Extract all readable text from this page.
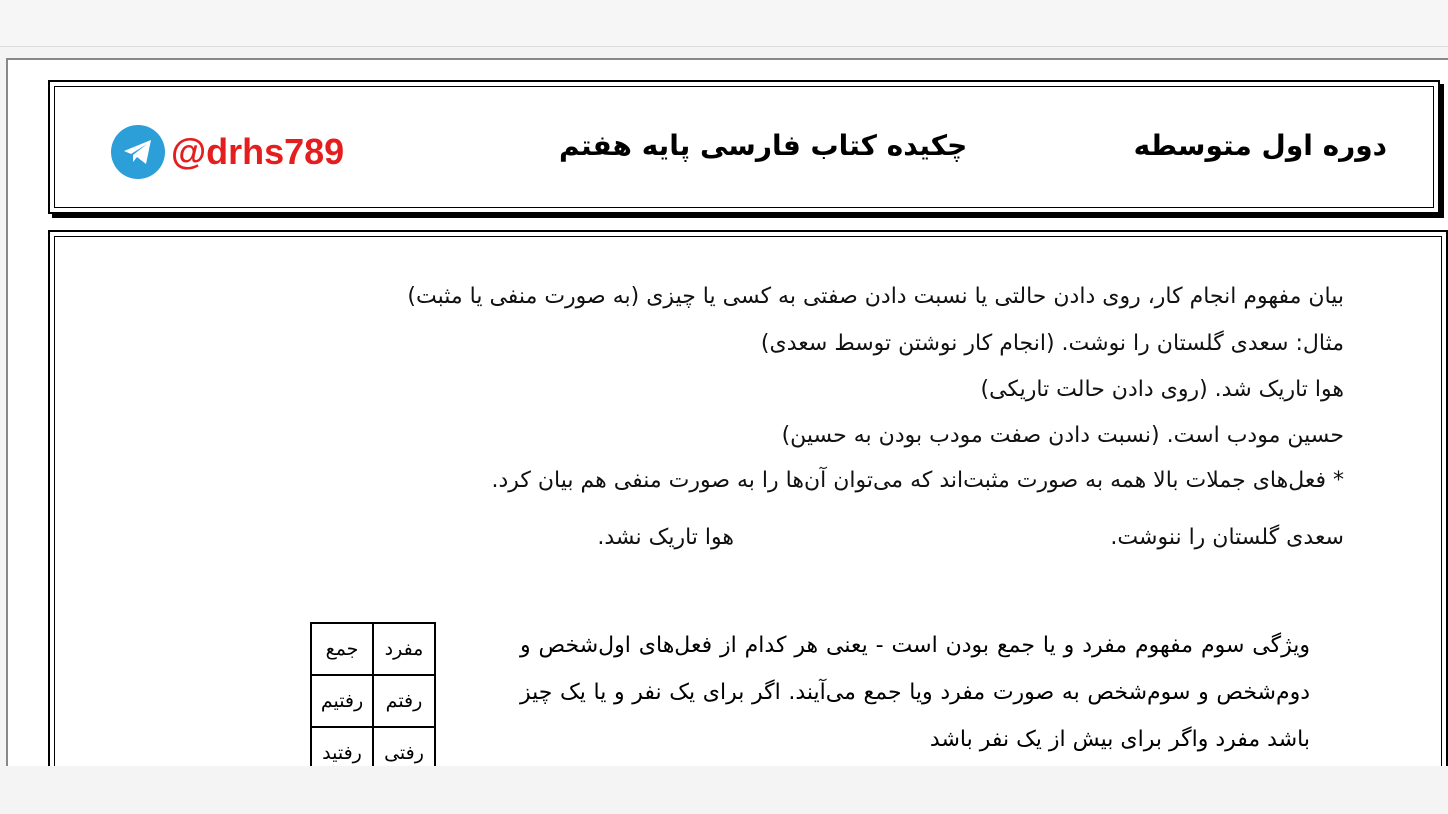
دوره اول متوسطه
چکیده کتاب فارسی پایه هفتم
@drhs789
بیان مفهوم انجام کار، روی دادن حالتی یا نسبت دادن صفتی به کسی یا چیزی (به صورت منفی یا مثبت)
مثال: سعدی گلستان را نوشت. (انجام کار نوشتن توسط سعدی)
هوا تاریک شد. (روی دادن حالت تاریکی)
حسین مودب است. (نسبت دادن صفت مودب بودن به حسین)
* فعل‌های جملات بالا همه به صورت مثبت‌اند که می‌توان آن‌ها را به صورت منفی هم بیان کرد.
سعدی گلستان را ننوشت.
هوا تاریک نشد.
مفرد	جمع
رفتم	رفتیم
رفتی	رفتید
ویژگی سوم مفهوم مفرد و یا جمع بودن است - یعنی هر کدام از فعل‌های اول‌شخص و دوم‌شخص و سوم‌شخص به صورت مفرد ویا جمع می‌آیند. اگر برای یک نفر و یا یک چیز باشد مفرد واگر برای بیش از یک نفر باشد
